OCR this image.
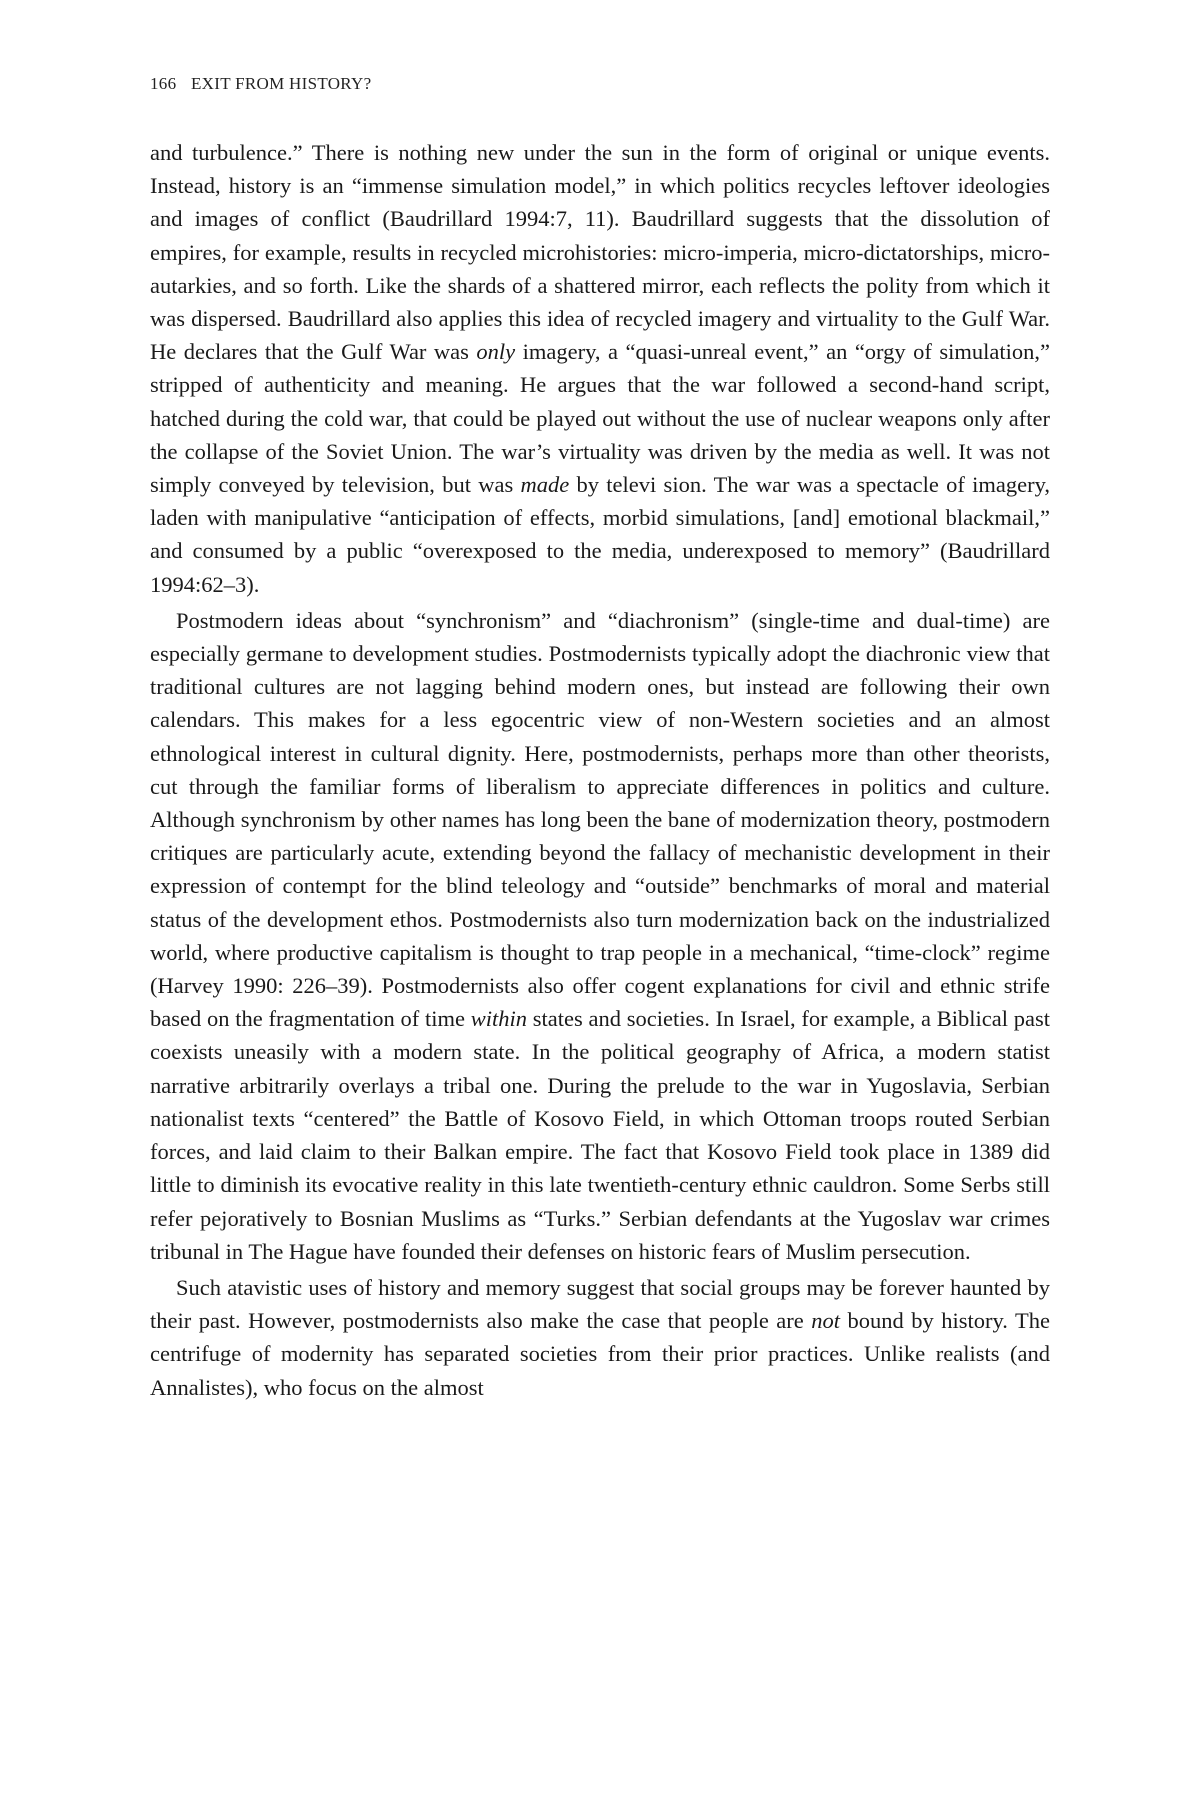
166 EXIT FROM HISTORY?

and turbulence.” There is nothing new under the sun in the form of original or unique events. Instead, history is an “immense simulation model,” in which politics recycles leftover ideologies and images of conflict (Baudrillard 1994:7, 11). Baudrillard suggests that the dissolution of empires, for example, results in recycled microhistories: micro-imperia, micro-dictatorships, micro-autarkies, and so forth. Like the shards of a shattered mirror, each reflects the polity from which it was dispersed. Baudrillard also applies this idea of recycled imagery and virtuality to the Gulf War. He declares that the Gulf War was only imagery, a “quasi-unreal event,” an “orgy of simulation,” stripped of authenticity and meaning. He argues that the war followed a second-hand script, hatched during the cold war, that could be played out without the use of nuclear weapons only after the collapse of the Soviet Union. The war’s virtuality was driven by the media as well. It was not simply conveyed by television, but was made by televi sion. The war was a spectacle of imagery, laden with manipulative “anticipation of effects, morbid simulations, [and] emotional blackmail,” and consumed by a public “overexposed to the media, underexposed to memory” (Baudrillard 1994:62–3).

Postmodern ideas about “synchronism” and “diachronism” (single-time and dual-time) are especially germane to development studies. Postmodernists typically adopt the diachronic view that traditional cultures are not lagging behind modern ones, but instead are following their own calendars. This makes for a less egocentric view of non-Western societies and an almost ethnological interest in cultural dignity. Here, postmodernists, perhaps more than other theorists, cut through the familiar forms of liberalism to appreciate differences in politics and culture. Although synchronism by other names has long been the bane of modernization theory, postmodern critiques are particularly acute, extending beyond the fallacy of mechanistic development in their expression of contempt for the blind teleology and “outside” benchmarks of moral and material status of the development ethos. Postmodernists also turn modernization back on the industrialized world, where productive capitalism is thought to trap people in a mechanical, “time-clock” regime (Harvey 1990: 226–39). Postmodernists also offer cogent explanations for civil and ethnic strife based on the fragmentation of time within states and societies. In Israel, for example, a Biblical past coexists uneasily with a modern state. In the political geography of Africa, a modern statist narrative arbitrarily overlays a tribal one. During the prelude to the war in Yugoslavia, Serbian nationalist texts “centered” the Battle of Kosovo Field, in which Ottoman troops routed Serbian forces, and laid claim to their Balkan empire. The fact that Kosovo Field took place in 1389 did little to diminish its evocative reality in this late twentieth-century ethnic cauldron. Some Serbs still refer pejoratively to Bosnian Muslims as “Turks.” Serbian defendants at the Yugoslav war crimes tribunal in The Hague have founded their defenses on historic fears of Muslim persecution.

Such atavistic uses of history and memory suggest that social groups may be forever haunted by their past. However, postmodernists also make the case that people are not bound by history. The centrifuge of modernity has separated societies from their prior practices. Unlike realists (and Annalistes), who focus on the almost
